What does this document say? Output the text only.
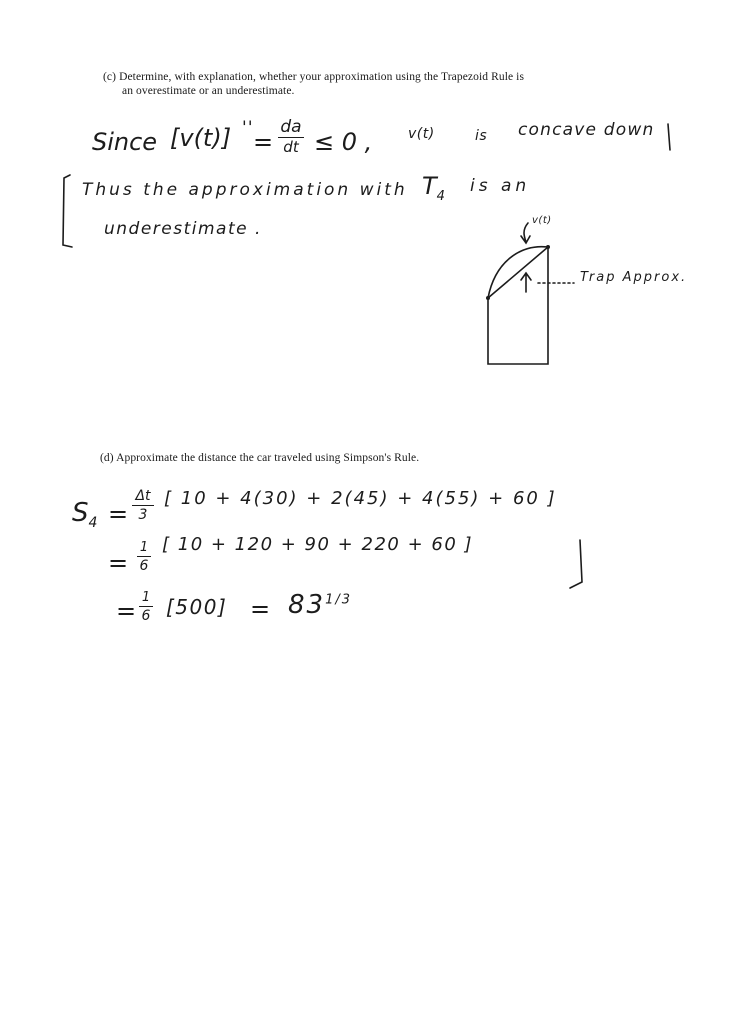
(c) Determine, with explanation, whether your approximation using the Trapezoid Rule is
an overestimate or an underestimate.
Since [v(t)] '' =
da
dt ≤ 0 ,	v(t)	is concave down
Thus the approximation with $T_4$
is an
underestimate .	v(t)
Trap Approx.
(d) Approximate the distance the car traveled using Simpson's Rule.
$S_4$ =
Δt
3
[ 10 + 4(30) + 2(45) + 4(55) + 60 ]
=
1
6
[ 10 + 120 + 90 + 220 + 60 ]
= 1
6 $[500] = 83^{1/3}$
